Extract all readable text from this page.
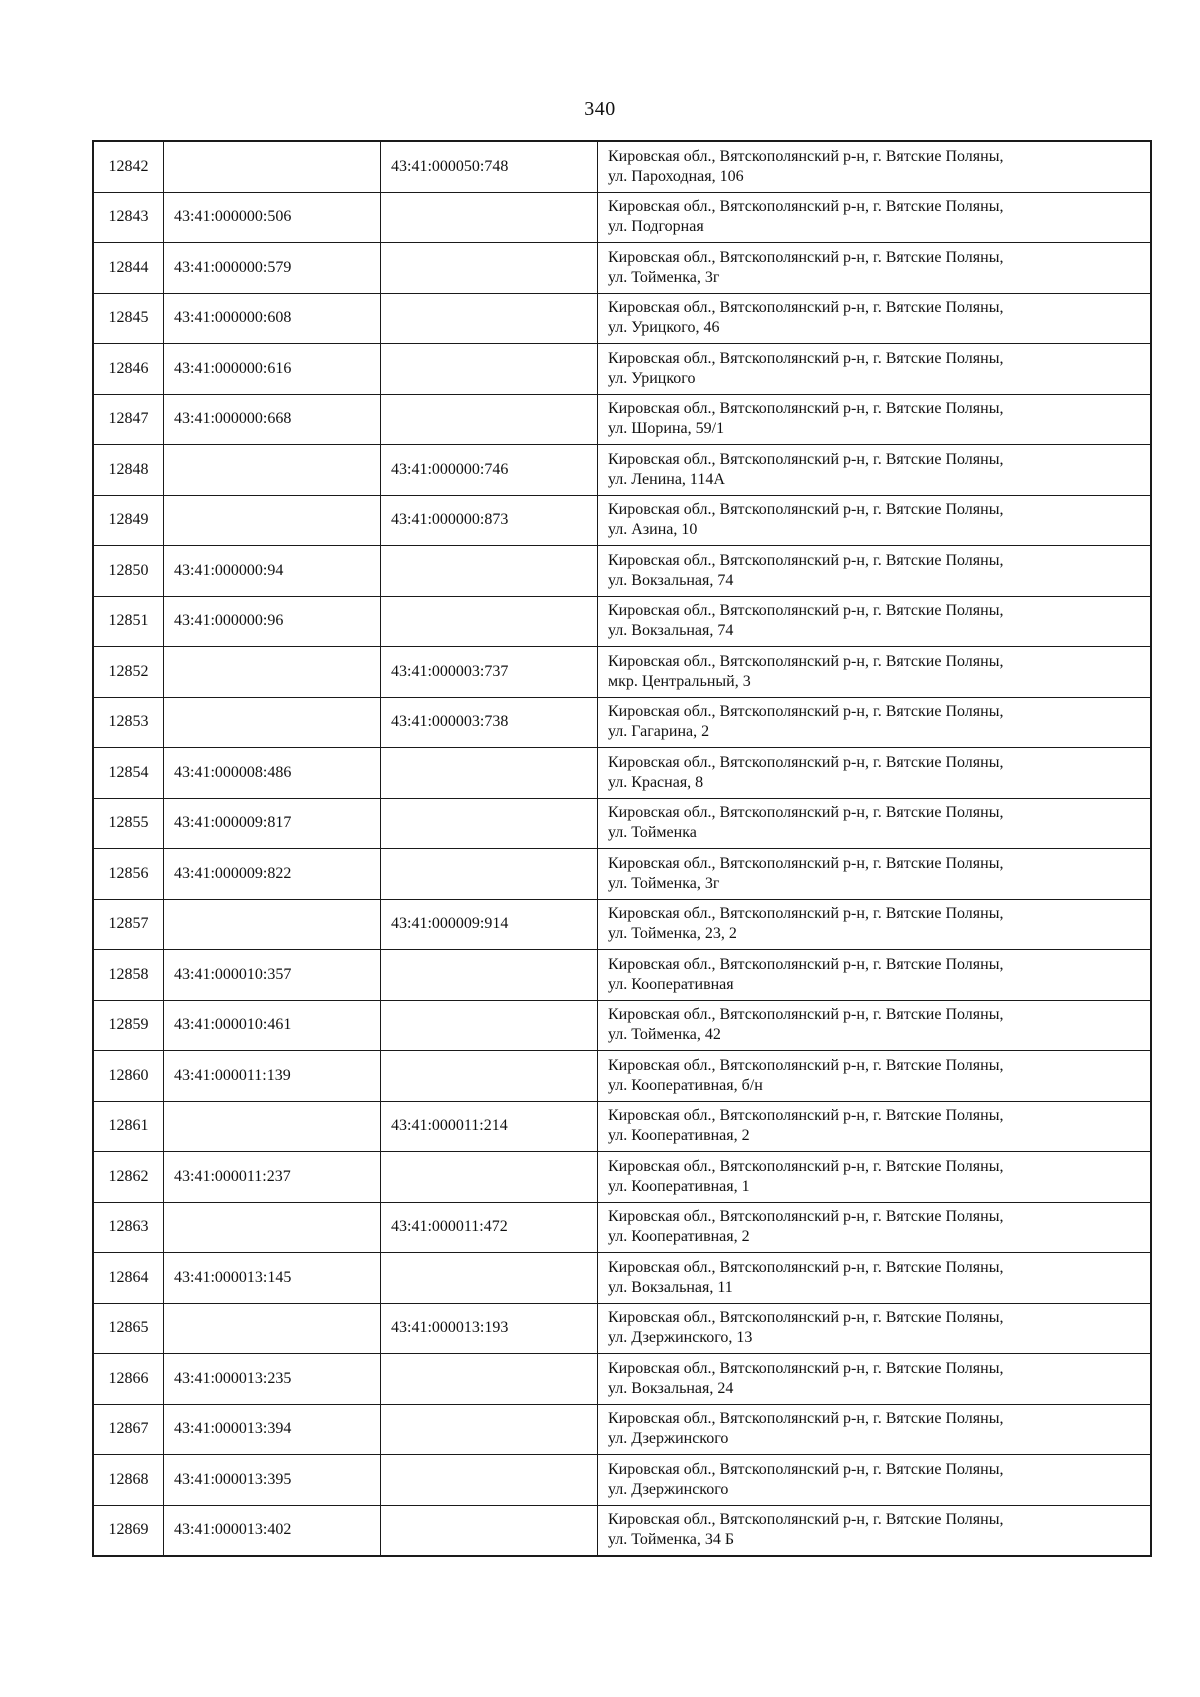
340
12842		43:41:000050:748	Кировская обл., Вятскополянский р-н, г. Вятские Поляны,
ул. Пароходная, 106

12843	43:41:000000:506		Кировская обл., Вятскополянский р-н, г. Вятские Поляны,
ул. Подгорная

12844	43:41:000000:579		Кировская обл., Вятскополянский р-н, г. Вятские Поляны,
ул. Тойменка, 3г

12845	43:41:000000:608		Кировская обл., Вятскополянский р-н, г. Вятские Поляны,
ул. Урицкого, 46

12846	43:41:000000:616		Кировская обл., Вятскополянский р-н, г. Вятские Поляны,
ул. Урицкого

12847	43:41:000000:668		Кировская обл., Вятскополянский р-н, г. Вятские Поляны,
ул. Шорина, 59/1

12848		43:41:000000:746	Кировская обл., Вятскополянский р-н, г. Вятские Поляны,
ул. Ленина, 114А

12849		43:41:000000:873	Кировская обл., Вятскополянский р-н, г. Вятские Поляны,
ул. Азина, 10

12850	43:41:000000:94		Кировская обл., Вятскополянский р-н, г. Вятские Поляны,
ул. Вокзальная, 74

12851	43:41:000000:96		Кировская обл., Вятскополянский р-н, г. Вятские Поляны,
ул. Вокзальная, 74

12852		43:41:000003:737	Кировская обл., Вятскополянский р-н, г. Вятские Поляны,
мкр. Центральный, 3

12853		43:41:000003:738	Кировская обл., Вятскополянский р-н, г. Вятские Поляны,
ул. Гагарина, 2

12854	43:41:000008:486		Кировская обл., Вятскополянский р-н, г. Вятские Поляны,
ул. Красная, 8

12855	43:41:000009:817		Кировская обл., Вятскополянский р-н, г. Вятские Поляны,
ул. Тойменка

12856	43:41:000009:822		Кировская обл., Вятскополянский р-н, г. Вятские Поляны,
ул. Тойменка, 3г

12857		43:41:000009:914	Кировская обл., Вятскополянский р-н, г. Вятские Поляны,
ул. Тойменка, 23, 2

12858	43:41:000010:357		Кировская обл., Вятскополянский р-н, г. Вятские Поляны,
ул. Кооперативная

12859	43:41:000010:461		Кировская обл., Вятскополянский р-н, г. Вятские Поляны,
ул. Тойменка, 42

12860	43:41:000011:139		Кировская обл., Вятскополянский р-н, г. Вятские Поляны,
ул. Кооперативная, б/н

12861		43:41:000011:214	Кировская обл., Вятскополянский р-н, г. Вятские Поляны,
ул. Кооперативная, 2

12862	43:41:000011:237		Кировская обл., Вятскополянский р-н, г. Вятские Поляны,
ул. Кооперативная, 1

12863		43:41:000011:472	Кировская обл., Вятскополянский р-н, г. Вятские Поляны,
ул. Кооперативная, 2

12864	43:41:000013:145		Кировская обл., Вятскополянский р-н, г. Вятские Поляны,
ул. Вокзальная, 11

12865		43:41:000013:193	Кировская обл., Вятскополянский р-н, г. Вятские Поляны,
ул. Дзержинского, 13

12866	43:41:000013:235		Кировская обл., Вятскополянский р-н, г. Вятские Поляны,
ул. Вокзальная, 24

12867	43:41:000013:394		Кировская обл., Вятскополянский р-н, г. Вятские Поляны,
ул. Дзержинского

12868	43:41:000013:395		Кировская обл., Вятскополянский р-н, г. Вятские Поляны,
ул. Дзержинского

12869	43:41:000013:402		Кировская обл., Вятскополянский р-н, г. Вятские Поляны,
ул. Тойменка, 34 Б
